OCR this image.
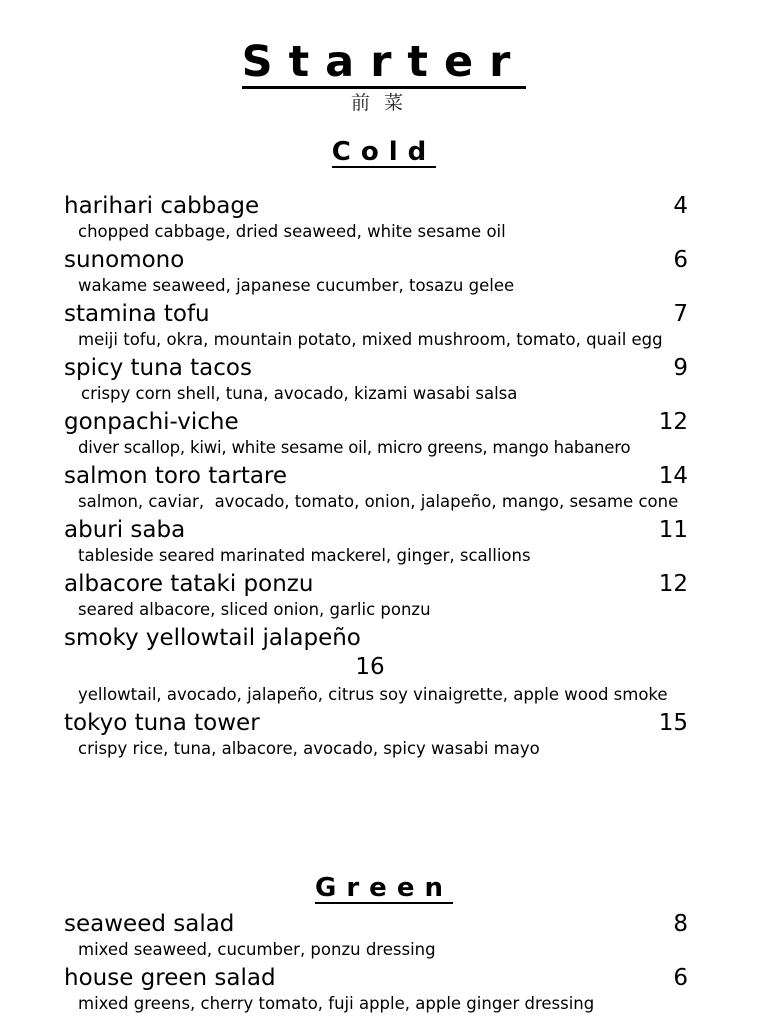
Starter
前菜
Cold
harihari cabbage	4
chopped cabbage, dried seaweed, white sesame oil
sunomono	6
wakame seaweed, japanese cucumber, tosazu gelee
stamina tofu	7
meiji tofu, okra, mountain potato, mixed mushroom, tomato, quail egg
spicy tuna tacos	9
crispy corn shell, tuna, avocado, kizami wasabi salsa
gonpachi-viche	12
diver scallop, kiwi, white sesame oil, micro greens, mango habanero
salmon toro tartare	14
salmon, caviar,  avocado, tomato, onion, jalapeño, mango, sesame cone
aburi saba	11
tableside seared marinated mackerel, ginger, scallions
albacore tataki ponzu	12
seared albacore, sliced onion, garlic ponzu
smoky yellowtail jalapeño
16
yellowtail, avocado, jalapeño, citrus soy vinaigrette, apple wood smoke
tokyo tuna tower	15
crispy rice, tuna, albacore, avocado, spicy wasabi mayo
Green
seaweed salad	8
mixed seaweed, cucumber, ponzu dressing
house green salad	6
mixed greens, cherry tomato, fuji apple, apple ginger dressing
